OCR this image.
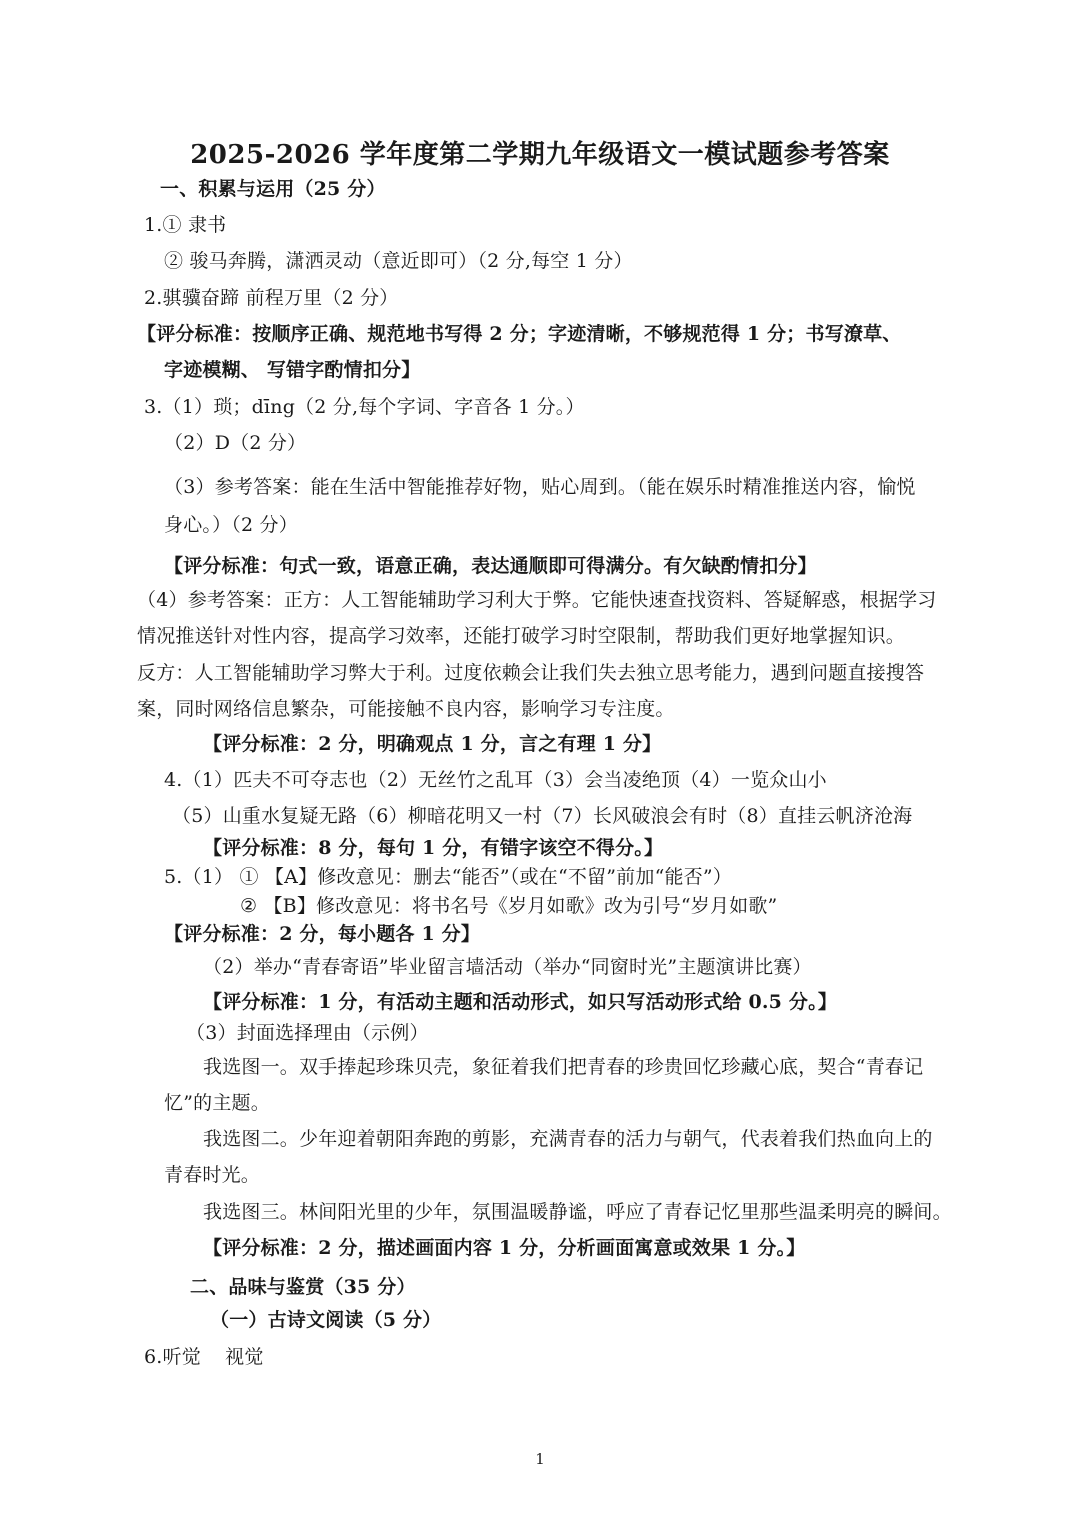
2025-2026 学年度第二学期九年级语文一模试题参考答案
一、积累与运用（25 分）
1.① 隶书
② 骏马奔腾，潇洒灵动（意近即可）（2 分,每空 1 分）
2.骐骥奋蹄 前程万里（2 分）
【评分标准：按顺序正确、规范地书写得 2 分；字迹清晰，不够规范得 1 分；书写潦草、
字迹模糊、 写错字酌情扣分】
3.（1）琐；dīng（2 分,每个字词、字音各 1 分。）
（2）D（2 分）
（3）参考答案：能在生活中智能推荐好物，贴心周到。（能在娱乐时精准推送内容，愉悦
身心。）（2 分）
【评分标准：句式一致，语意正确，表达通顺即可得满分。有欠缺酌情扣分】
（4）参考答案：正方：人工智能辅助学习利大于弊。它能快速查找资料、答疑解惑，根据学习
情况推送针对性内容，提高学习效率，还能打破学习时空限制，帮助我们更好地掌握知识。
反方：人工智能辅助学习弊大于利。过度依赖会让我们失去独立思考能力，遇到问题直接搜答
案，同时网络信息繁杂，可能接触不良内容，影响学习专注度。
【评分标准：2 分，明确观点 1 分，言之有理 1 分】
4.（1）匹夫不可夺志也（2）无丝竹之乱耳（3）会当凌绝顶（4）一览众山小
（5）山重水复疑无路（6）柳暗花明又一村（7）长风破浪会有时（8）直挂云帆济沧海
【评分标准：8 分，每句 1 分，有错字该空不得分。】
5.（1） ① 【A】修改意见：删去“能否”（或在“不留”前加“能否”）
② 【B】修改意见：将书名号《岁月如歌》改为引号“岁月如歌”
【评分标准：2 分，每小题各 1 分】
（2）举办“青春寄语”毕业留言墙活动（举办“同窗时光”主题演讲比赛）
【评分标准：1 分，有活动主题和活动形式，如只写活动形式给 0.5 分。】
（3）封面选择理由（示例）
我选图一。双手捧起珍珠贝壳，象征着我们把青春的珍贵回忆珍藏心底，契合“青春记
忆”的主题。
我选图二。少年迎着朝阳奔跑的剪影，充满青春的活力与朝气，代表着我们热血向上的
青春时光。
我选图三。林间阳光里的少年，氛围温暖静谧，呼应了青春记忆里那些温柔明亮的瞬间。
【评分标准：2 分，描述画面内容 1 分，分析画面寓意或效果 1 分。】
二、品味与鉴赏（35 分）
（一）古诗文阅读（5 分）
6.听觉 视觉
1
